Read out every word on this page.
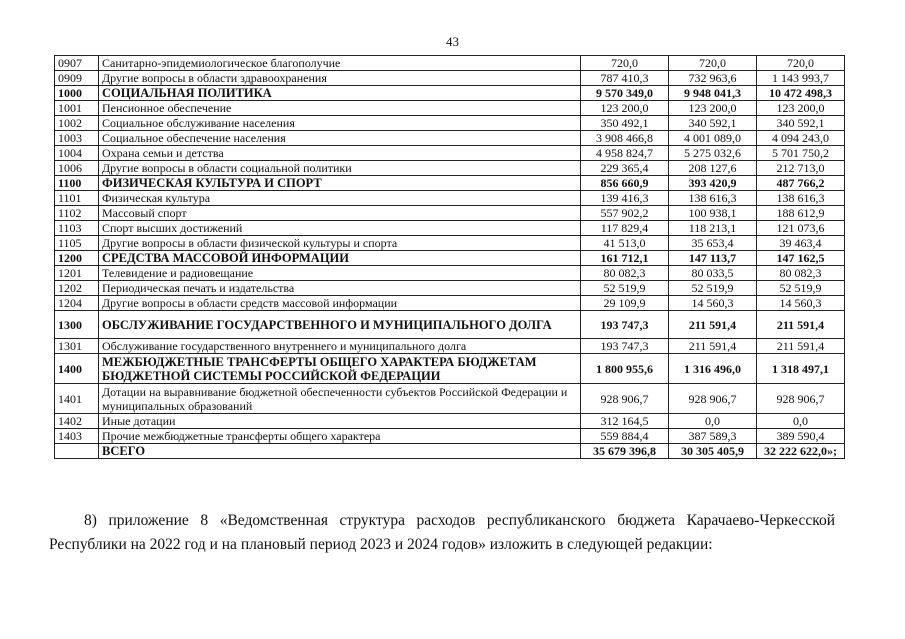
43
0907	Санитарно-эпидемиологическое благополучие	720,0	720,0	720,0
0909	Другие вопросы в области здравоохранения	787 410,3	732 963,6	1 143 993,7
1000	СОЦИАЛЬНАЯ ПОЛИТИКА	9 570 349,0	9 948 041,3	10 472 498,3
1001	Пенсионное обеспечение	123 200,0	123 200,0	123 200,0
1002	Социальное обслуживание населения	350 492,1	340 592,1	340 592,1
1003	Социальное обеспечение населения	3 908 466,8	4 001 089,0	4 094 243,0
1004	Охрана семьи и детства	4 958 824,7	5 275 032,6	5 701 750,2
1006	Другие вопросы в области социальной политики	229 365,4	208 127,6	212 713,0
1100	ФИЗИЧЕСКАЯ КУЛЬТУРА И СПОРТ	856 660,9	393 420,9	487 766,2
1101	Физическая культура	139 416,3	138 616,3	138 616,3
1102	Массовый спорт	557 902,2	100 938,1	188 612,9
1103	Спорт высших достижений	117 829,4	118 213,1	121 073,6
1105	Другие вопросы в области физической культуры и спорта	41 513,0	35 653,4	39 463,4
1200	СРЕДСТВА МАССОВОЙ ИНФОРМАЦИИ	161 712,1	147 113,7	147 162,5
1201	Телевидение и радиовещание	80 082,3	80 033,5	80 082,3
1202	Периодическая печать и издательства	52 519,9	52 519,9	52 519,9
1204	Другие вопросы в области средств массовой информации	29 109,9	14 560,3	14 560,3
1300	ОБСЛУЖИВАНИЕ ГОСУДАРСТВЕННОГО И МУНИЦИПАЛЬНОГО ДОЛГА	193 747,3	211 591,4	211 591,4
1301	Обслуживание государственного внутреннего и муниципального долга	193 747,3	211 591,4	211 591,4
1400	МЕЖБЮДЖЕТНЫЕ ТРАНСФЕРТЫ ОБЩЕГО ХАРАКТЕРА БЮДЖЕТАМ БЮДЖЕТНОЙ СИСТЕМЫ РОССИЙСКОЙ ФЕДЕРАЦИИ	1 800 955,6	1 316 496,0	1 318 497,1
1401	Дотации на выравнивание бюджетной обеспеченности субъектов Российской Федерации и муниципальных образований	928 906,7	928 906,7	928 906,7
1402	Иные дотации	312 164,5	0,0	0,0
1403	Прочие межбюджетные трансферты общего характера	559 884,4	387 589,3	389 590,4
	ВСЕГО	35 679 396,8	30 305 405,9	32 222 622,0»;

8) приложение 8 «Ведомственная структура расходов республиканского бюджета Карачаево-Черкесской

Республики на 2022 год и на плановый период 2023 и 2024 годов» изложить в следующей редакции:
